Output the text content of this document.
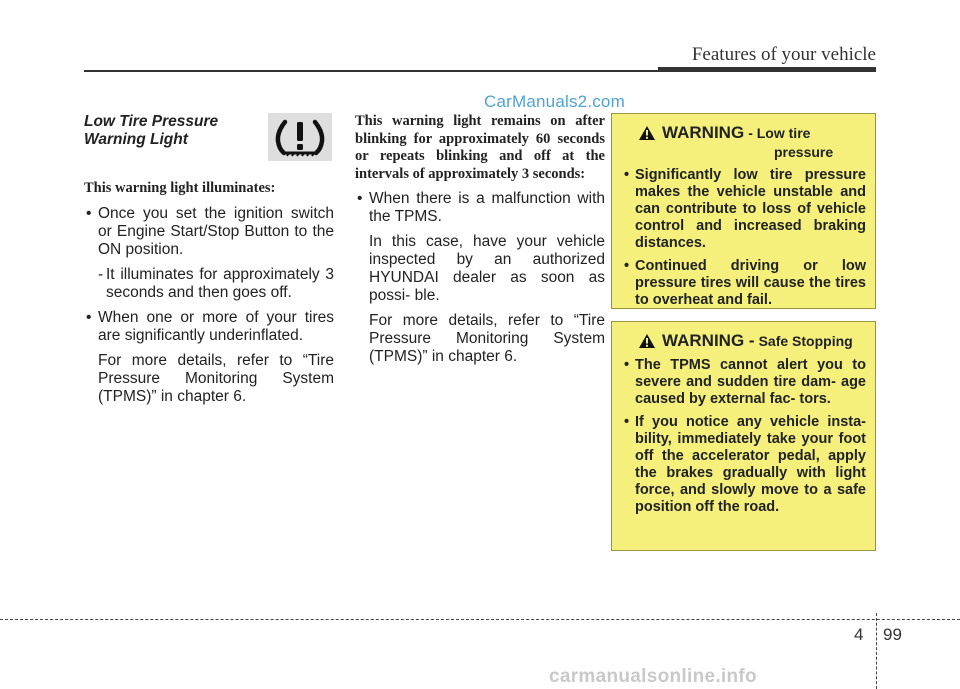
Features of your vehicle
CarManuals2.com
Low Tire Pressure Warning Light
This warning light illuminates:
• Once you set the ignition switch or Engine Start/Stop Button to the ON position.
- It illuminates for approximately 3 seconds and then goes off.
• When one or more of your tires are significantly underinflated.
For more details, refer to “Tire Pressure Monitoring System (TPMS)” in chapter 6.
This warning light remains on after blinking for approximately 60 seconds or repeats blinking and off at the intervals of approximately 3 seconds:
• When there is a malfunction with the TPMS.
In this case, have your vehicle inspected by an authorized HYUNDAI dealer as soon as possi- ble.
For more details, refer to “Tire Pressure Monitoring System (TPMS)” in chapter 6.
WARNING - Low tire
pressure
• Significantly low tire pressure makes the vehicle unstable and can contribute to loss of vehicle control and increased braking distances.
• Continued driving or low pressure tires will cause the tires to overheat and fail.
WARNING - Safe Stopping
• The TPMS cannot alert you to severe and sudden tire dam- age caused by external fac- tors.
• If you notice any vehicle insta- bility, immediately take your foot off the accelerator pedal, apply the brakes gradually with light force, and slowly move to a safe position off the road.
4 99
carmanualsonline.info
